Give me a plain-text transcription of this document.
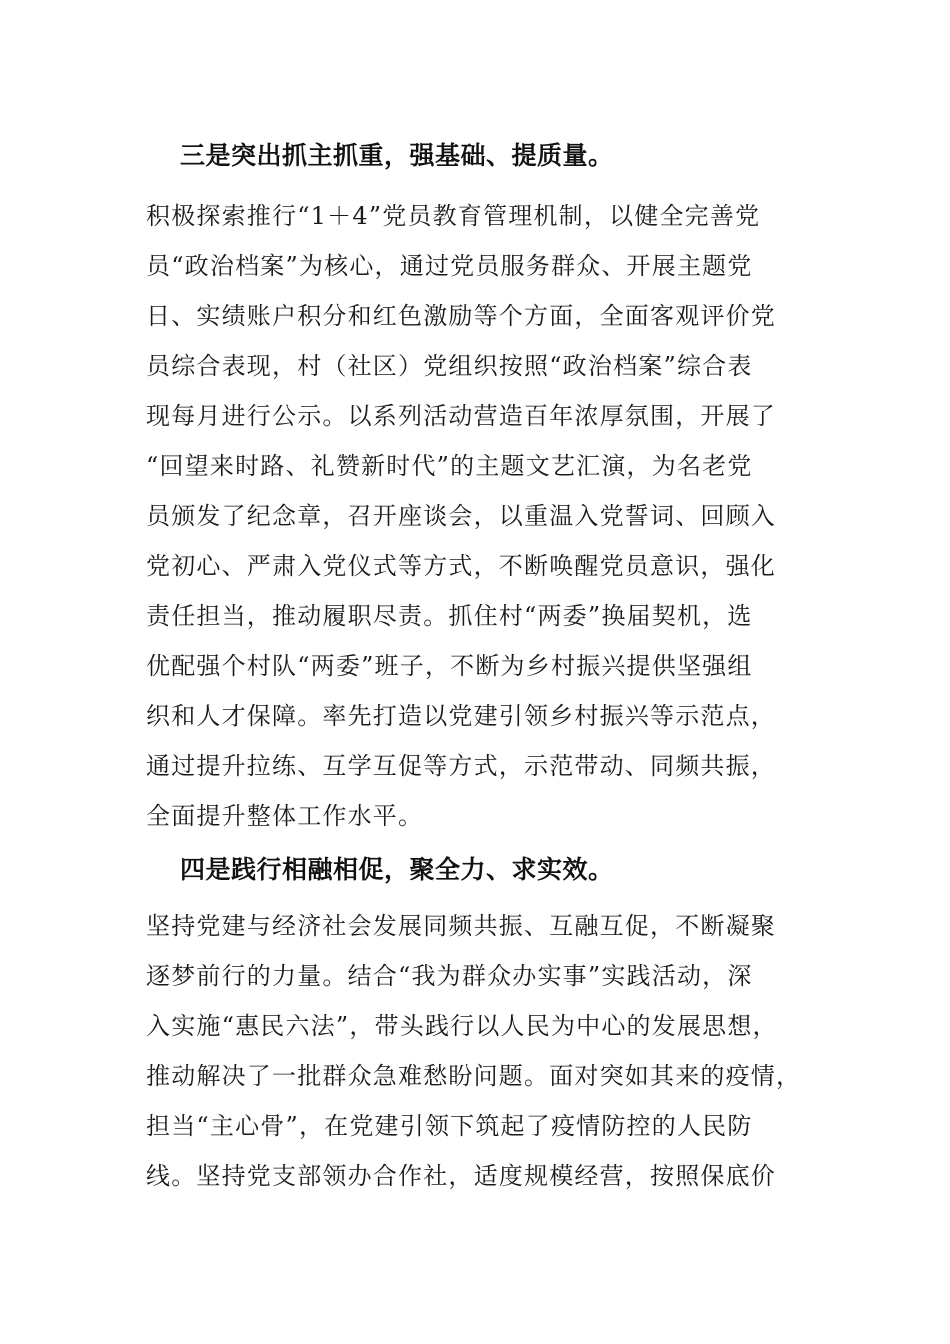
三是突出抓主抓重，强基础、提质量。
积极探索推行“1＋4”党员教育管理机制，以健全完善党
员“政治档案”为核心，通过党员服务群众、开展主题党
日、实绩账户积分和红色激励等个方面，全面客观评价党
员综合表现，村（社区）党组织按照“政治档案”综合表
现每月进行公示。以系列活动营造百年浓厚氛围，开展了
“回望来时路、礼赞新时代”的主题文艺汇演，为名老党
员颁发了纪念章，召开座谈会，以重温入党誓词、回顾入
党初心、严肃入党仪式等方式，不断唤醒党员意识，强化
责任担当，推动履职尽责。抓住村“两委”换届契机，选
优配强个村队“两委”班子，不断为乡村振兴提供坚强组
织和人才保障。率先打造以党建引领乡村振兴等示范点，
通过提升拉练、互学互促等方式，示范带动、同频共振，
全面提升整体工作水平。
四是践行相融相促，聚全力、求实效。
坚持党建与经济社会发展同频共振、互融互促，不断凝聚
逐梦前行的力量。结合“我为群众办实事”实践活动，深
入实施“惠民六法”，带头践行以人民为中心的发展思想，
推动解决了一批群众急难愁盼问题。面对突如其来的疫情，
担当“主心骨”，在党建引领下筑起了疫情防控的人民防
线。坚持党支部领办合作社，适度规模经营，按照保底价
